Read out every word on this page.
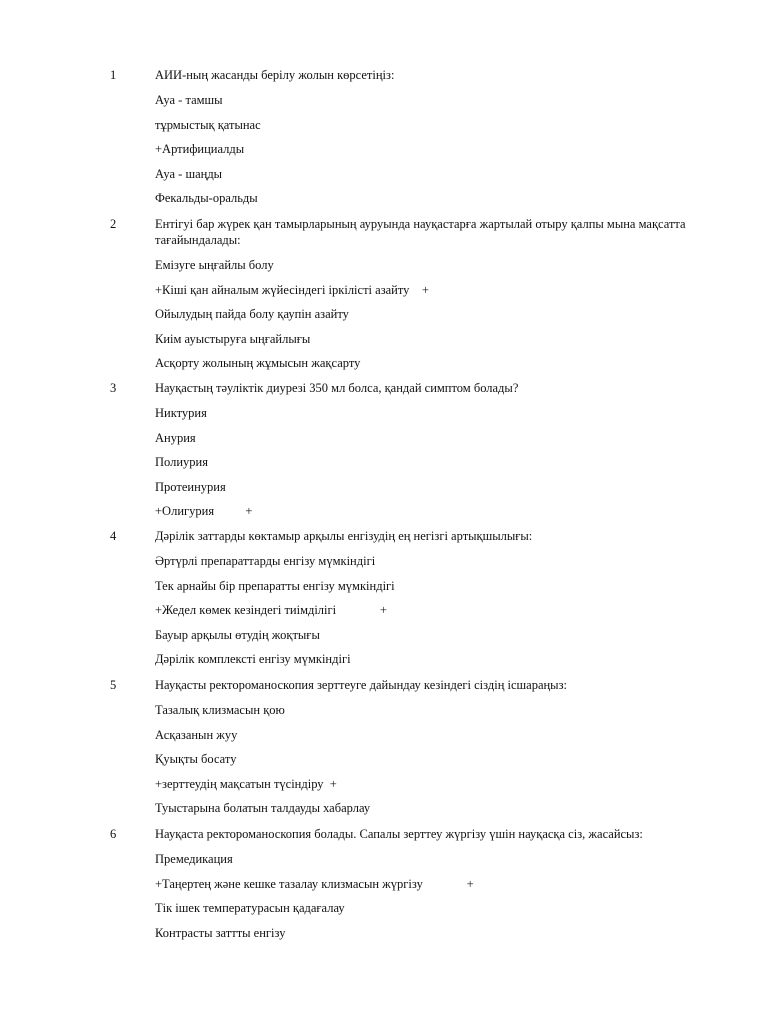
1	АИИ-ның жасанды берілу жолын көрсетіңіз:
Ауа - тамшы
тұрмыстық қатынас
+Артифициалды
Ауа - шаңды
Фекальды-оральды
2	Ентігуі бар жүрек қан тамырларының ауруында науқастарға жартылай отыру қалпы мына мақсатта тағайындалады:
Емізуге ыңғайлы болу
+Кіші қан айналым жүйесіндегі іркілісті азайту    +
Ойылудың пайда болу қаупін азайту
Киім ауыстыруға ыңғайлығы
Асқорту жолының жұмысын жақсарту
3	Науқастың тәуліктік диурезі 350 мл болса, қандай симптом болады?
Никтурия
Анурия
Полиурия
Протеинурия
+Олигурия          +
4	Дәрілік заттарды көктамыр арқылы енгізудің ең негізгі артықшылығы:
Әртүрлі препараттарды енгізу мүмкіндігі
Тек арнайы бір препаратты енгізу мүмкіндігі
+Жедел көмек кезіндегі тиімділігі              +
Бауыр арқылы өтудің жоқтығы
Дәрілік комплексті енгізу мүмкіндігі
5	Науқасты ректороманоскопия зерттеуге дайындау кезіндегі сіздің ісшараңыз:
Тазалық клизмасын қою
Асқазанын жуу
Қуықты босату
+зерттеудің мақсатын түсіндіру  +
Туыстарына болатын талдауды хабарлау
6	Науқаста ректороманоскопия болады. Сапалы зерттеу жүргізу үшін науқасқа сіз, жасайсыз:
Премедикация
+Таңертең және кешке тазалау клизмасын жүргізу              +
Тік ішек температурасын қадағалау
Контрасты заттты енгізу
